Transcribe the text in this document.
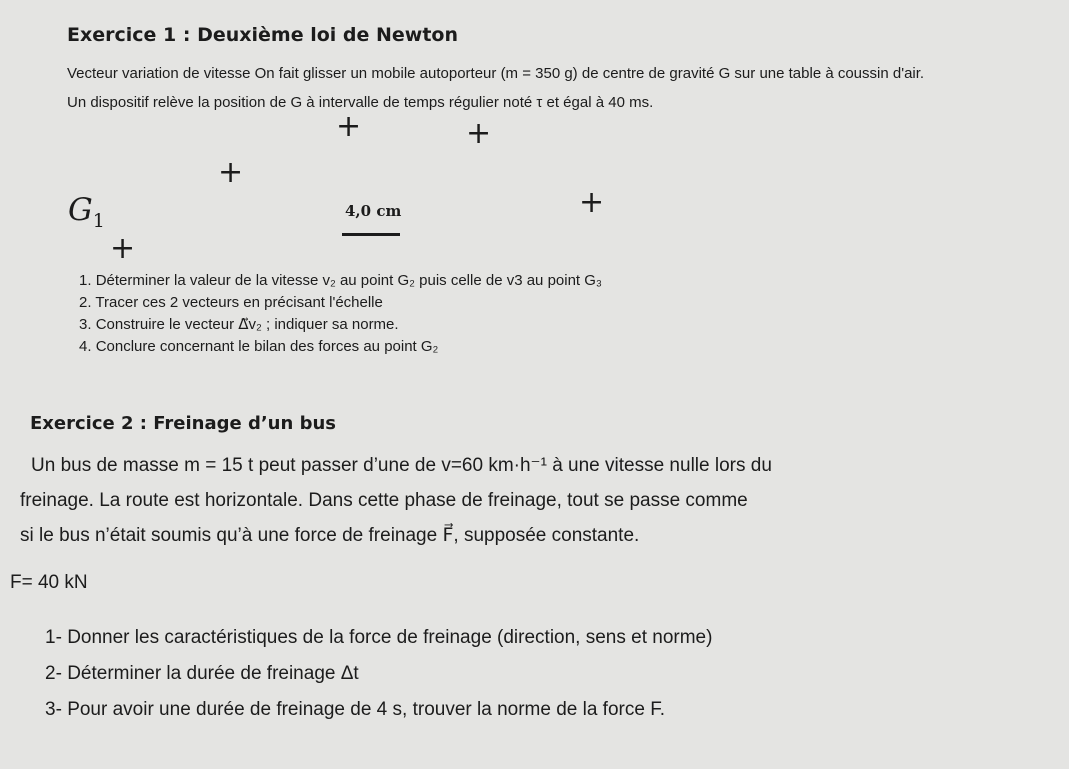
Exercice 1 : Deuxième loi de Newton
Vecteur variation de vitesse On fait glisser un mobile autoporteur (m = 350 g) de centre de gravité G sur une table à coussin d'air.
Un dispositif relève la position de G à intervalle de temps régulier noté τ et égal à 40 ms.
+	+
+
+
+
$G_1$	4,0 cm
1. Déterminer la valeur de la vitesse v₂ au point G₂ puis celle de v3 au point G₃
2. Tracer ces 2 vecteurs en précisant l'échelle
3. Construire le vecteur Δ⃗v₂ ; indiquer sa norme.
4. Conclure concernant le bilan des forces au point G₂
Exercice 2 : Freinage d’un bus
Un bus de masse m = 15 t peut passer d’une de v=60 km·h⁻¹ à une vitesse nulle lors du
freinage. La route est horizontale. Dans cette phase de freinage, tout se passe comme
si le bus n’était soumis qu’à une force de freinage F⃗, supposée constante.
F= 40 kN
1- Donner les caractéristiques de la force de freinage (direction, sens et norme)
2- Déterminer la durée de freinage Δt
3- Pour avoir une durée de freinage de 4 s, trouver la norme de la force F.
